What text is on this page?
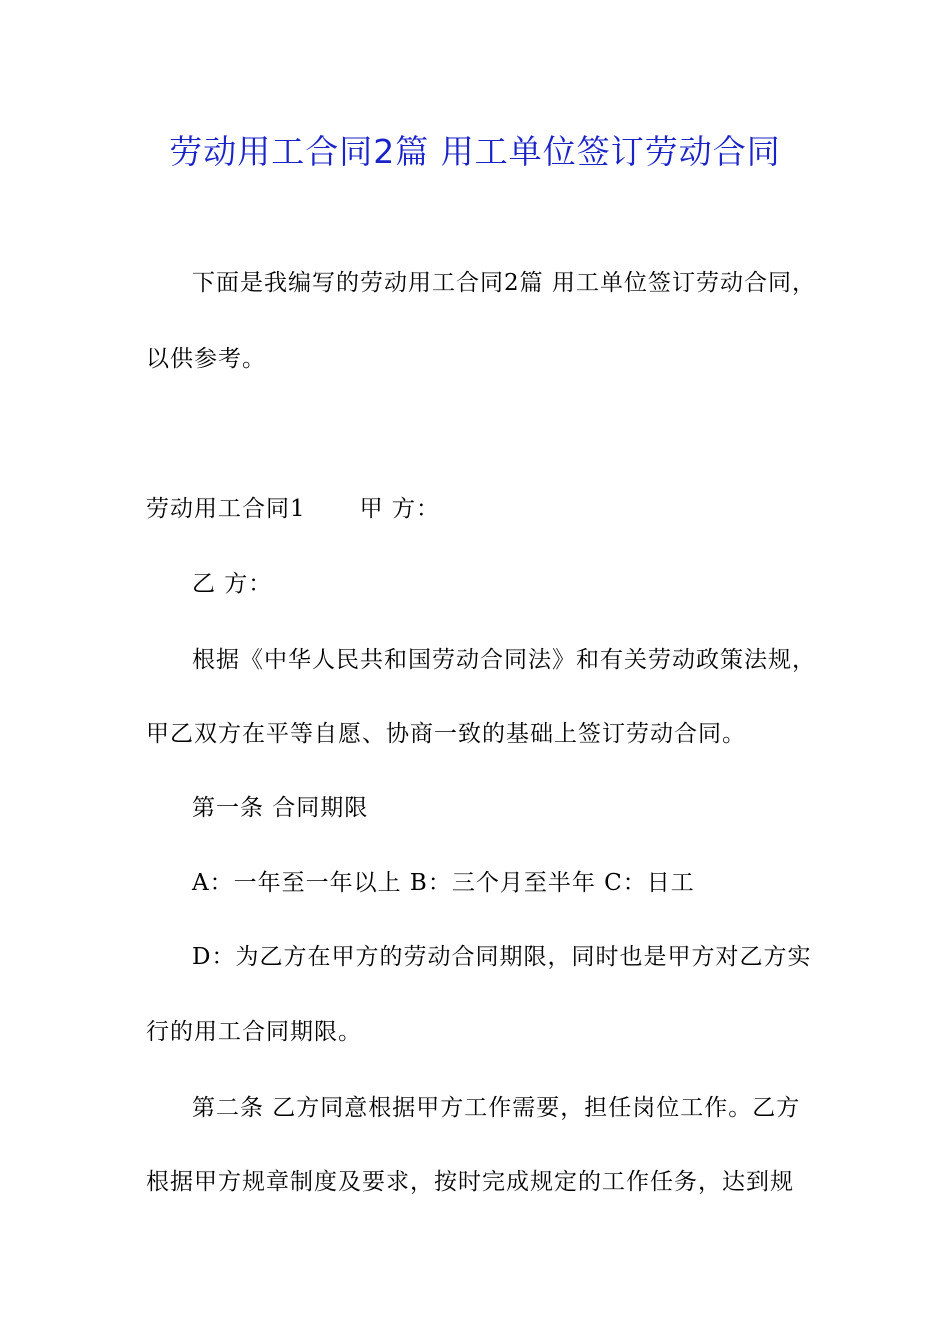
劳动用工合同2篇 用工单位签订劳动合同
下面是我编写的劳动用工合同2篇 用工单位签订劳动合同，
以供参考。
劳动用工合同1 甲 方：
乙 方：
根据《中华人民共和国劳动合同法》和有关劳动政策法规，
甲乙双方在平等自愿、协商一致的基础上签订劳动合同。
第一条 合同期限
A：一年至一年以上 B：三个月至半年 C：日工
D：为乙方在甲方的劳动合同期限，同时也是甲方对乙方实
行的用工合同期限。
第二条 乙方同意根据甲方工作需要，担任岗位工作。乙方
根据甲方规章制度及要求，按时完成规定的工作任务，达到规
